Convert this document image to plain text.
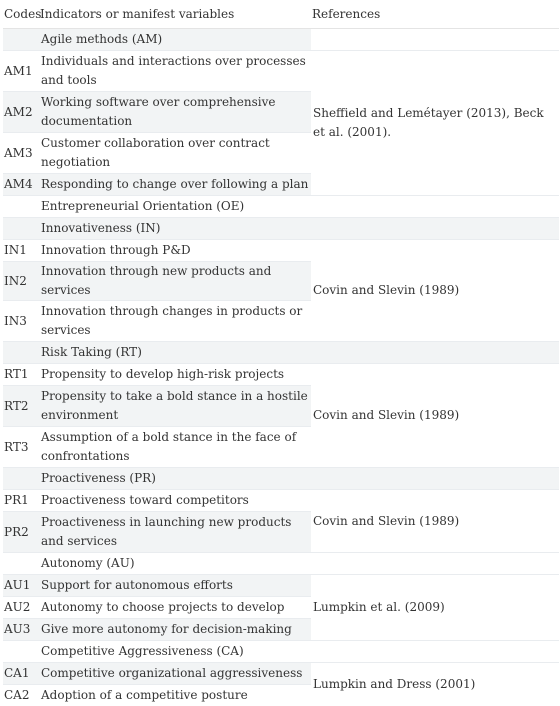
Codes	Indicators or manifest variables	References
	Agile methods (AM)	
AM1	Individuals and interactions over processes and tools	Sheffield and Lemétayer (2013), Beck et al. (2001).
AM2	Working software over comprehensive documentation	
AM3	Customer collaboration over contract negotiation	
AM4	Responding to change over following a plan	
	Entrepreneurial Orientation (OE)	
	Innovativeness (IN)	
IN1	Innovation through P&D	Covin and Slevin (1989)
IN2	Innovation through new products and services	
IN3	Innovation through changes in products or services	
	Risk Taking (RT)	
RT1	Propensity to develop high-risk projects	Covin and Slevin (1989)
RT2	Propensity to take a bold stance in a hostile environment	
RT3	Assumption of a bold stance in the face of confrontations	
	Proactiveness (PR)	
PR1	Proactiveness toward competitors	Covin and Slevin (1989)
PR2	Proactiveness in launching new products and services	
	Autonomy (AU)	
AU1	Support for autonomous efforts	Lumpkin et al. (2009)
AU2	Autonomy to choose projects to develop	
AU3	Give more autonomy for decision-making	
	Competitive Aggressiveness (CA)	
CA1	Competitive organizational aggressiveness	Lumpkin and Dress (2001)
CA2	Adoption of a competitive posture	
